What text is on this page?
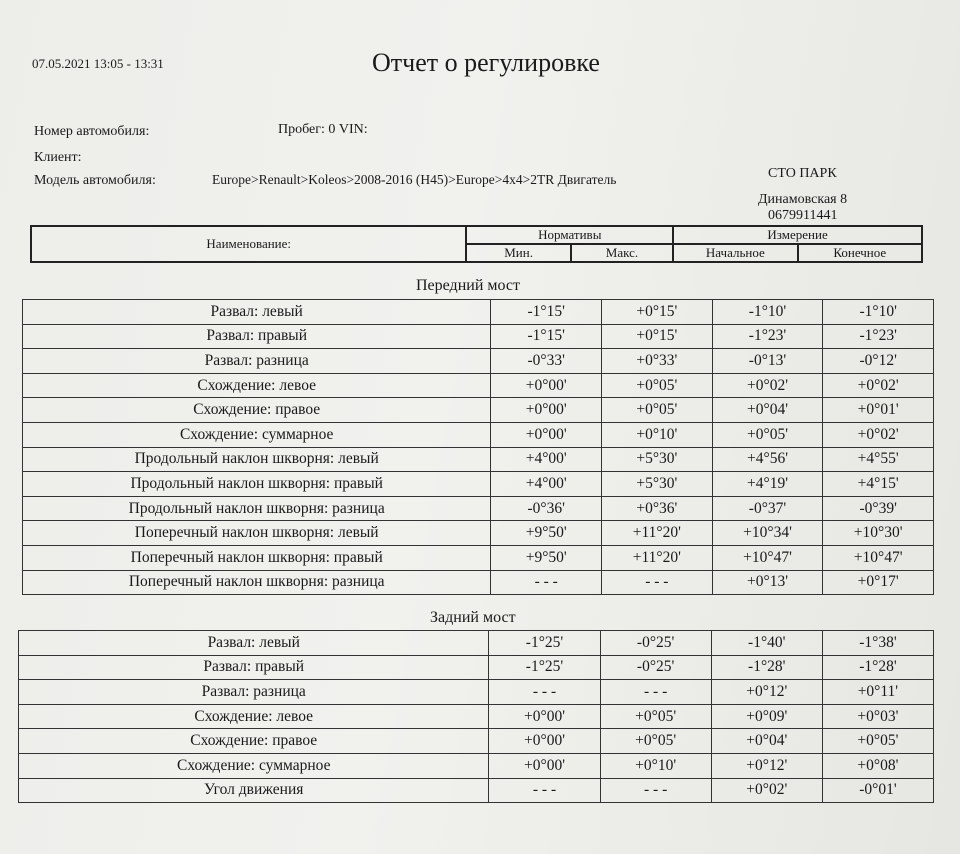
07.05.2021 13:05 - 13:31	Отчет о регулировке
Номер автомобиля:	Пробег: 0 VIN:
Клиент:
Модель автомобиля:	Europe>Renault>Koleos>2008-2016 (H45)>Europe>4x4>2TR Двигатель	СТО ПАРК
Динамовская 8
0679911441
Наименование:	Нормативы		Измерение	
	Мин.	Макс.	Начальное	Конечное
Передний мост
Развал: левый	-1°15'	+0°15'	-1°10'	-1°10'
Развал: правый	-1°15'	+0°15'	-1°23'	-1°23'
Развал: разница	-0°33'	+0°33'	-0°13'	-0°12'
Схождение: левое	+0°00'	+0°05'	+0°02'	+0°02'
Схождение: правое	+0°00'	+0°05'	+0°04'	+0°01'
Схождение: суммарное	+0°00'	+0°10'	+0°05'	+0°02'
Продольный наклон шкворня: левый	+4°00'	+5°30'	+4°56'	+4°55'
Продольный наклон шкворня: правый	+4°00'	+5°30'	+4°19'	+4°15'
Продольный наклон шкворня: разница	-0°36'	+0°36'	-0°37'	-0°39'
Поперечный наклон шкворня: левый	+9°50'	+11°20'	+10°34'	+10°30'
Поперечный наклон шкворня: правый	+9°50'	+11°20'	+10°47'	+10°47'
Поперечный наклон шкворня: разница	- - -	- - -	+0°13'	+0°17'
Задний мост
Развал: левый	-1°25'	-0°25'	-1°40'	-1°38'
Развал: правый	-1°25'	-0°25'	-1°28'	-1°28'
Развал: разница	- - -	- - -	+0°12'	+0°11'
Схождение: левое	+0°00'	+0°05'	+0°09'	+0°03'
Схождение: правое	+0°00'	+0°05'	+0°04'	+0°05'
Схождение: суммарное	+0°00'	+0°10'	+0°12'	+0°08'
Угол движения	- - -	- - -	+0°02'	-0°01'
